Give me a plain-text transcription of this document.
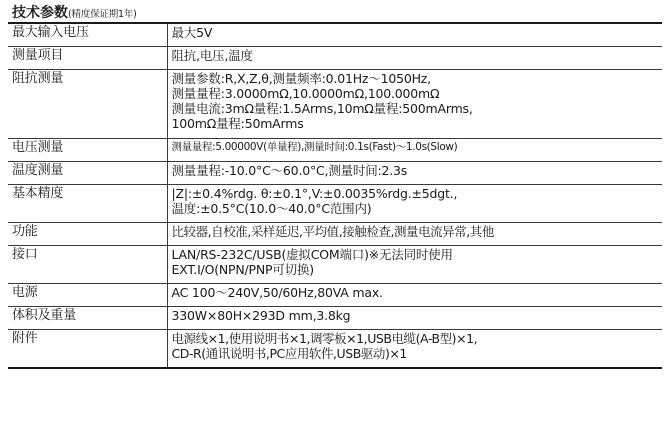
技术参数(精度保证期1年)
最大输入电压	最大5V

测量项目	阻抗,电压,温度

阻抗测量	测量参数:R,X,Z,θ,测量频率:0.01Hz～1050Hz,
测量量程:3.0000mΩ,10.0000mΩ,100.000mΩ
测量电流:3mΩ量程:1.5Arms,10mΩ量程:500mArms,
100mΩ量程:50mArms

电压测量	测量量程:5.00000V(单量程),测量时间:0.1s(Fast)～1.0s(Slow)

温度测量	测量量程:-10.0°C～60.0°C,测量时间:2.3s

基本精度	|Z|:±0.4%rdg. θ:±0.1°,V:±0.0035%rdg.±5dgt.,
温度:±0.5°C(10.0～40.0°C范围内)

功能	比较器,自校准,采样延迟,平均值,接触检查,测量电流异常,其他

接口	LAN/RS-232C/USB(虚拟COM端口)※无法同时使用
EXT.I/O(NPN/PNP可切换)

电源	AC 100～240V,50/60Hz,80VA max.

体积及重量	330W×80H×293D mm,3.8kg

附件	电源线×1,使用说明书×1,调零板×1,USB电缆(A-B型)×1,
CD-R(通讯说明书,PC应用软件,USB驱动)×1
